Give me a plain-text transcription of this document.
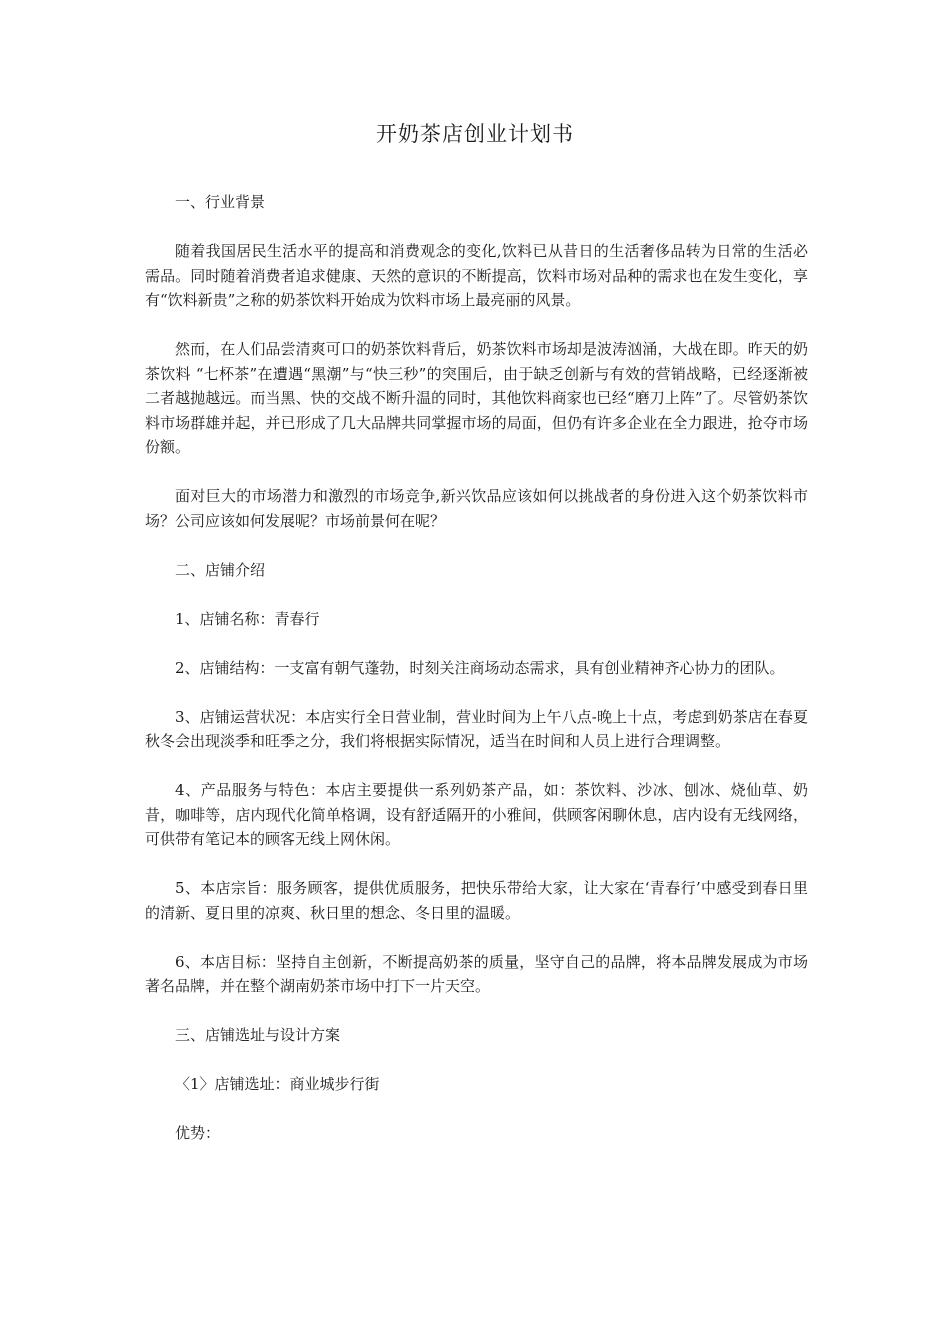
开奶茶店创业计划书

一、行业背景

随着我国居民生活水平的提高和消费观念的变化,饮料已从昔日的生活奢侈品转为日常的生活必需品。同时随着消费者追求健康、天然的意识的不断提高，饮料市场对品种的需求也在发生变化，享有“饮料新贵”之称的奶茶饮料开始成为饮料市场上最亮丽的风景。

然而，在人们品尝清爽可口的奶茶饮料背后，奶茶饮料市场却是波涛汹涌，大战在即。昨天的奶茶饮料 “七杯茶”在遭遇“黑潮”与“快三秒”的突围后，由于缺乏创新与有效的营销战略，已经逐渐被二者越抛越远。而当黑、快的交战不断升温的同时，其他饮料商家也已经“磨刀上阵”了。尽管奶茶饮料市场群雄并起，并已形成了几大品牌共同掌握市场的局面，但仍有许多企业在全力跟进，抢夺市场份额。

面对巨大的市场潜力和激烈的市场竞争,新兴饮品应该如何以挑战者的身份进入这个奶茶饮料市场？公司应该如何发展呢？市场前景何在呢？

二、店铺介绍

1、店铺名称：青春行

2、店铺结构：一支富有朝气蓬勃，时刻关注商场动态需求，具有创业精神齐心协力的团队。

3、店铺运营状况：本店实行全日营业制，营业时间为上午八点-晚上十点，考虑到奶茶店在春夏秋冬会出现淡季和旺季之分，我们将根据实际情况，适当在时间和人员上进行合理调整。

4、产品服务与特色：本店主要提供一系列奶茶产品，如：茶饮料、沙冰、刨冰、烧仙草、奶昔，咖啡等，店内现代化简单格调，设有舒适隔开的小雅间，供顾客闲聊休息，店内设有无线网络，可供带有笔记本的顾客无线上网休闲。

5、本店宗旨：服务顾客，提供优质服务，把快乐带给大家，让大家在‘青春行’中感受到春日里的清新、夏日里的凉爽、秋日里的想念、冬日里的温暖。

6、本店目标：坚持自主创新，不断提高奶茶的质量，坚守自己的品牌，将本品牌发展成为市场著名品牌，并在整个湖南奶茶市场中打下一片天空。

三、店铺选址与设计方案

〈1〉店铺选址：商业城步行街

优势：
